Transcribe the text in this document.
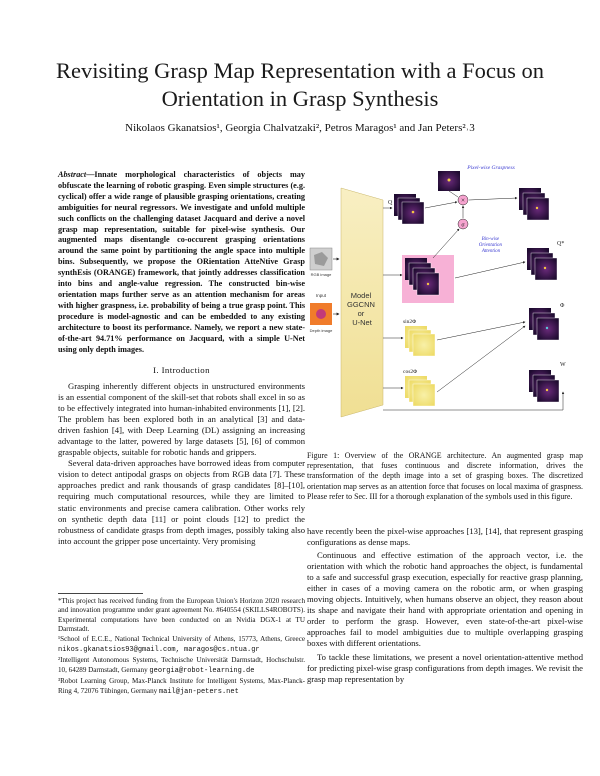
Revisiting Grasp Map Representation with a Focus on Orientation in Grasp Synthesis
Nikolaos Gkanatsios¹, Georgia Chalvatzaki², Petros Maragos¹ and Jan Peters²˒3
Abstract—Innate morphological characteristics of objects may obfuscate the learning of robotic grasping. Even simple structures (e.g. cyclical) offer a wide range of plausible grasping orientations, creating ambiguities for neural regressors. We investigate and unfold multiple such conflicts on the challenging dataset Jacquard and derive a novel grasp map representation, suitable for pixel-wise synthesis. Our augmented maps disentangle co-occurent grasping orientations around the same point by partitioning the angle space into multiple bins. Subsequently, we propose the ORientation AtteNtive Grasp synthEsis (ORANGE) framework, that jointly addresses classification into bins and angle-value regression. The constructed bin-wise orientation maps further serve as an attention mechanism for areas with higher graspness, i.e. probability of being a true grasp point. This procedure is model-agnostic and can be embedded to any existing architecture to boost its performance. Namely, we report a new state-of-the-art 94.71% performance on Jacquard, with a simple U-Net using only depth images.
I. Introduction

Grasping inherently different objects in unstructured environments is an essential component of the skill-set that robots shall excel in so as to be effectively integrated into human-inhabited environments [1], [2]. The problem has been explored both in an analytical [3] and data-driven fashion [4], with Deep Learning (DL) assigning an increasing advantage to the latter, powered by large datasets [5], [6] of common graspable objects, suitable for robotic hands and grippers.

Several data-driven approaches have borrowed ideas from computer vision to detect antipodal grasps on objects from RGB data [7]. These approaches predict and rank thousands of grasp candidates [8]–[10], requiring much computational resources, while they are limited to static environments and precise camera calibration. Other works rely on synthetic depth data [11] or point clouds [12] to predict the robustness of candidate grasps from depth images, possibly taking also into account the gripper pose uncertainty. Very promising

*This project has received funding from the European Union's Horizon 2020 research and innovation programme under grant agreement No. #640554 (SKILLS4ROBOTS). Experimental computations have been conducted on an Nvidia DGX-1 at TU Darmstadt.

¹School of E.C.E., National Technical University of Athens, 15773, Athens, Greece nikos.gkanatsios93@gmail.com, maragos@cs.ntua.gr

²Intelligent Autonomous Systems, Technische Universität Darmstadt, Hochschulstr. 10, 64289 Darmstadt, Germany georgia@robot-learning.de

³Robot Learning Group, Max-Planck Institute for Intelligent Systems, Max-Planck-Ring 4, 72076 Tübingen, Germany mail@jan-peters.net

RGB image
Input
Depth image
Model GGCNN or U-Net
Pixel-wise Graspness
Q	×
σ
Bin-wise Orientation Attention
Q*
sin2Φ
cos2Φ
Φ
W
Figure 1: Overview of the ORANGE architecture. An augmented grasp map representation, that fuses continuous and discrete information, drives the transformation of the depth image into a set of grasping boxes. The discretized orientation map serves as an attention force that focuses on local maxima of graspness. Please refer to Sec. III for a thorough explanation of the symbols used in this figure.

have recently been the pixel-wise approaches [13], [14], that represent grasping configurations as dense maps.

Continuous and effective estimation of the approach vector, i.e. the orientation with which the robotic hand approaches the object, is fundamental to a safe and successful grasp execution, especially for reactive grasp planning, either in cases of a moving camera on the robotic arm, or when grasping moving objects. Intuitively, when humans observe an object, they reason about its shape and navigate their hand with appropriate orientation and opening in order to perform the grasp. However, even state-of-the-art pixel-wise approaches fail to model ambiguities due to multiple overlapping grasping boxes with different orientations.

To tackle these limitations, we present a novel orientation-attentive method for predicting pixel-wise grasp configurations from depth images. We revisit the grasp map representation by
